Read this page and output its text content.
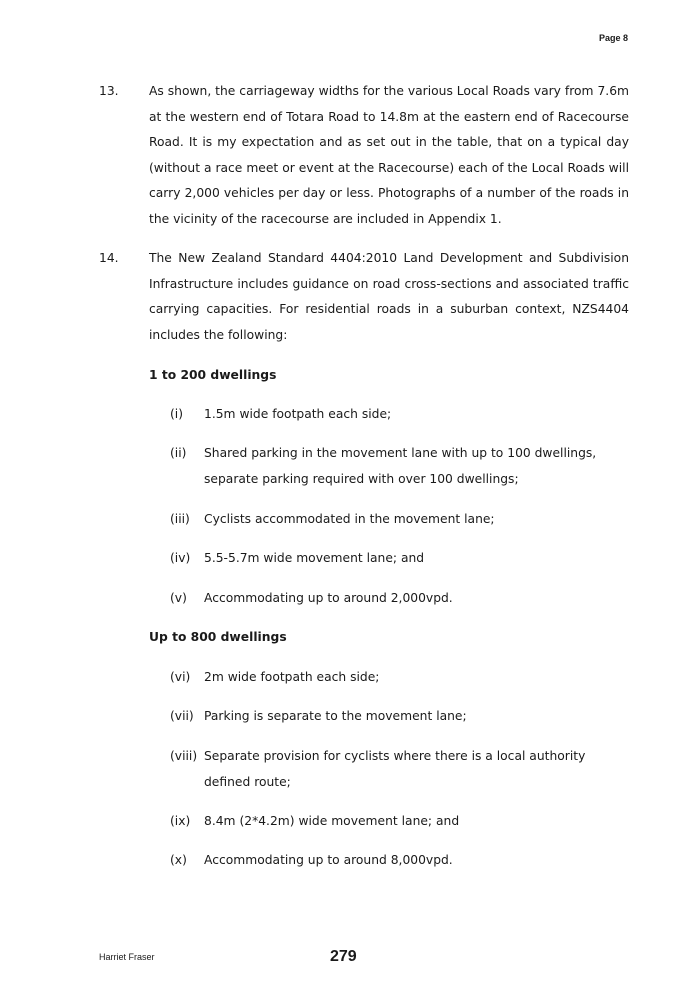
Page 8
13.	As shown, the carriageway widths for the various Local Roads vary from 7.6m at the western end of Totara Road to 14.8m at the eastern end of Racecourse Road. It is my expectation and as set out in the table, that on a typical day (without a race meet or event at the Racecourse) each of the Local Roads will carry 2,000 vehicles per day or less. Photographs of a number of the roads in the vicinity of the racecourse are included in Appendix 1.
14.	The New Zealand Standard 4404:2010 Land Development and Subdivision Infrastructure includes guidance on road cross-sections and associated traffic carrying capacities. For residential roads in a suburban context, NZS4404 includes the following:
1 to 200 dwellings
(i)	1.5m wide footpath each side;
(ii)	Shared parking in the movement lane with up to 100 dwellings, separate parking required with over 100 dwellings;
(iii)	Cyclists accommodated in the movement lane;
(iv)	5.5-5.7m wide movement lane; and
(v)	Accommodating up to around 2,000vpd.
Up to 800 dwellings
(vi)	2m wide footpath each side;
(vii) Parking is separate to the movement lane;
(viii) Separate provision for cyclists where there is a local authority defined route;
(ix)	8.4m (2*4.2m) wide movement lane; and
(x)	Accommodating up to around 8,000vpd.
Harriet Fraser	279
